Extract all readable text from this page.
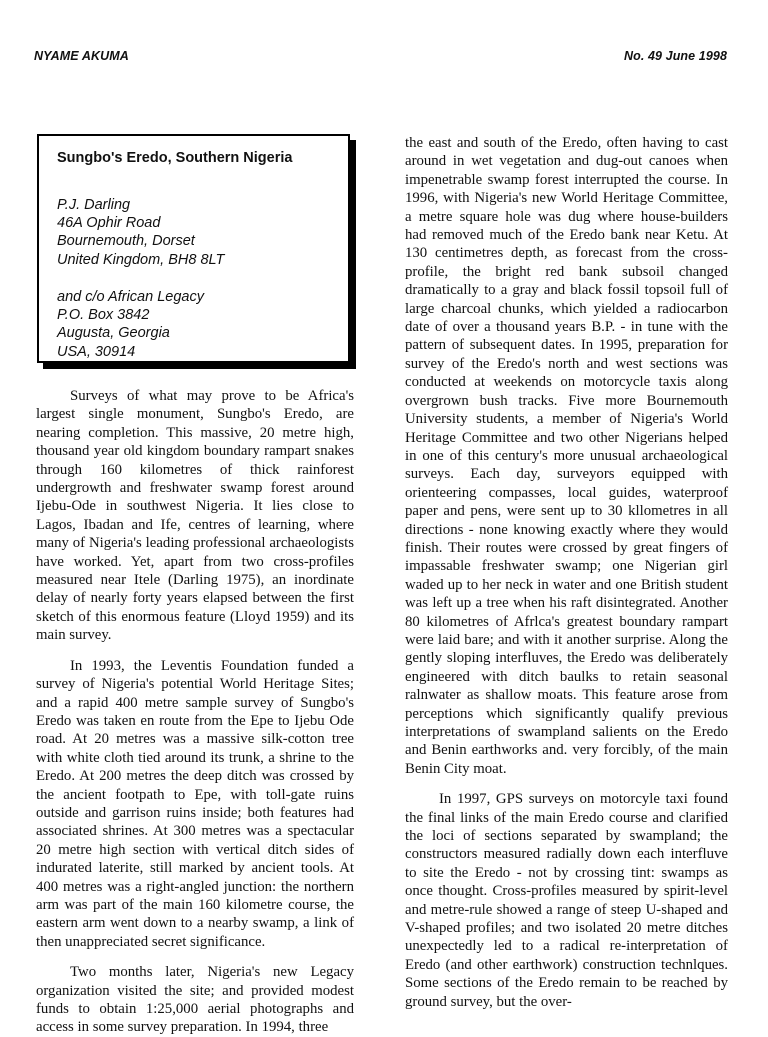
NYAME AKUMA	No. 49 June 1998
Sungbo's Eredo, Southern Nigeria
P.J. Darling
46A Ophir Road
Bournemouth, Dorset
United Kingdom, BH8 8LT
and c/o African Legacy
P.O. Box 3842
Augusta, Georgia
USA, 30914

Surveys of what may prove to be Africa's largest single monument, Sungbo's Eredo, are nearing completion. This massive, 20 metre high, thousand year old kingdom boundary rampart snakes through 160 kilometres of thick rainforest undergrowth and freshwater swamp forest around Ijebu-Ode in southwest Nigeria. It lies close to Lagos, Ibadan and Ife, centres of learning, where many of Nigeria's leading professional archaeologists have worked. Yet, apart from two cross-profiles measured near Itele (Darling 1975), an inordinate delay of nearly forty years elapsed between the first sketch of this enormous feature (Lloyd 1959) and its main survey.

In 1993, the Leventis Foundation funded a survey of Nigeria's potential World Heritage Sites; and a rapid 400 metre sample survey of Sungbo's Eredo was taken en route from the Epe to Ijebu Ode road. At 20 metres was a massive silk-cotton tree with white cloth tied around its trunk, a shrine to the Eredo. At 200 metres the deep ditch was crossed by the ancient footpath to Epe, with toll-gate ruins outside and garrison ruins inside; both features had associated shrines. At 300 metres was a spectacular 20 metre high section with vertical ditch sides of indurated laterite, still marked by ancient tools. At 400 metres was a right-angled junction: the northern arm was part of the main 160 kilometre course, the eastern arm went down to a nearby swamp, a link of then unappreciated secret significance.

Two months later, Nigeria's new Legacy organization visited the site; and provided modest funds to obtain 1:25,000 aerial photographs and access in some survey preparation. In 1994, three

the east and south of the Eredo, often having to cast around in wet vegetation and dug-out canoes when impenetrable swamp forest interrupted the course. In 1996, with Nigeria's new World Heritage Committee, a metre square hole was dug where house-builders had removed much of the Eredo bank near Ketu. At 130 centimetres depth, as forecast from the cross-profile, the bright red bank subsoil changed dramatically to a gray and black fossil topsoil full of large charcoal chunks, which yielded a radiocarbon date of over a thousand years B.P. - in tune with the pattern of subsequent dates. In 1995, preparation for survey of the Eredo's north and west sections was conducted at weekends on motorcycle taxis along overgrown bush tracks. Five more Bournemouth University students, a member of Nigeria's World Heritage Committee and two other Nigerians helped in one of this century's more unusual archaeological surveys. Each day, surveyors equipped with orienteering compasses, local guides, waterproof paper and pens, were sent up to 30 kllometres in all directions - none knowing exactly where they would finish. Their routes were crossed by great fingers of impassable freshwater swamp; one Nigerian girl waded up to her neck in water and one British student was left up a tree when his raft disintegrated. Another 80 kilometres of Afrlca's greatest boundary rampart were laid bare; and with it another surprise. Along the gently sloping interfluves, the Eredo was deliberately engineered with ditch baulks to retain seasonal ralnwater as shallow moats. This feature arose from perceptions which significantly qualify previous interpretations of swampland salients on the Eredo and Benin earthworks and. very forcibly, of the main Benin City moat.

In 1997, GPS surveys on motorcyle taxi found the final links of the main Eredo course and clarified the loci of sections separated by swampland; the constructors measured radially down each interfluve to site the Eredo - not by crossing tint: swamps as once thought. Cross-profiles measured by spirit-level and metre-rule showed a range of steep U-shaped and V-shaped profiles; and two isolated 20 metre ditches unexpectedly led to a radical re-interpretation of Eredo (and other earthwork) construction technlques. Some sections of the Eredo remain to be reached by ground survey, but the over-
